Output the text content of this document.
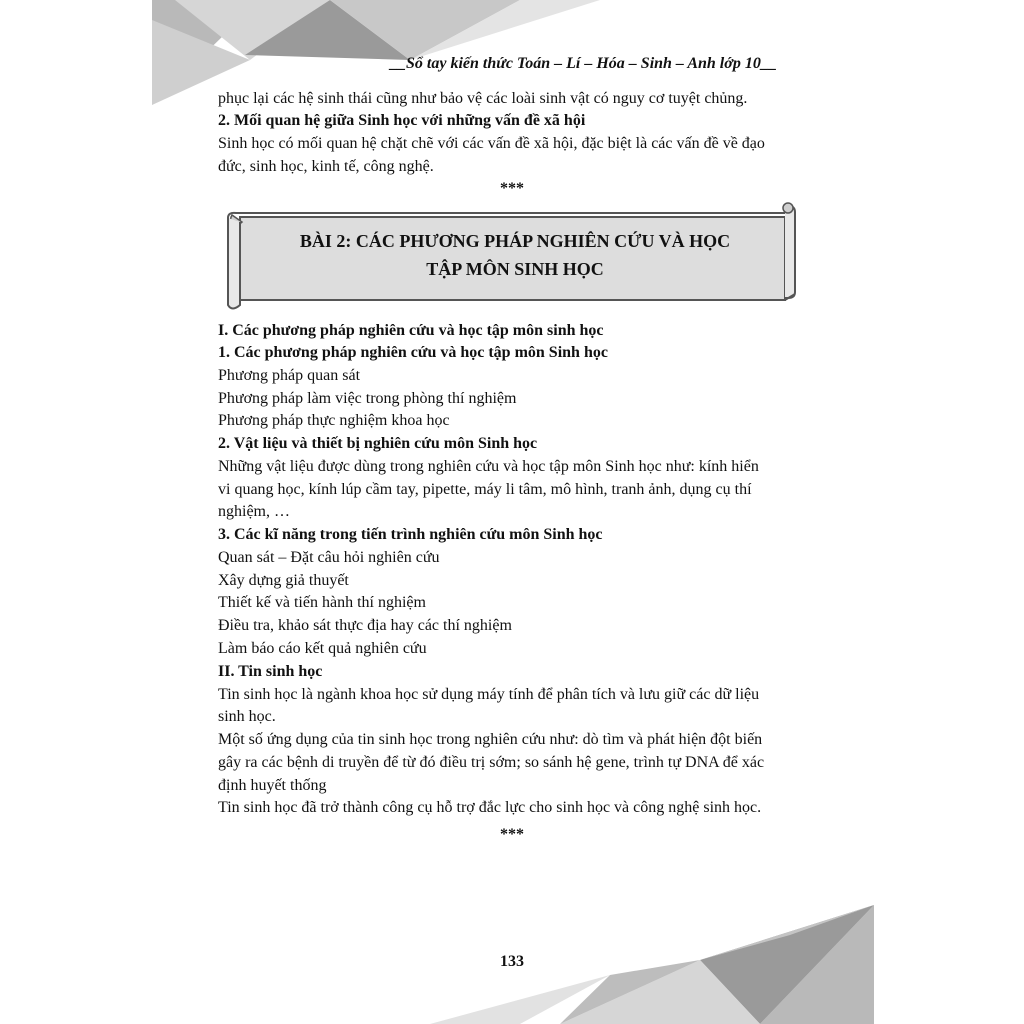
__Sổ tay kiến thức Toán – Lí – Hóa – Sinh – Anh lớp 10__
phục lại các hệ sinh thái cũng như bảo vệ các loài sinh vật có nguy cơ tuyệt chủng.
2. Mối quan hệ giữa Sinh học với những vấn đề xã hội
Sinh học có mối quan hệ chặt chẽ với các vấn đề xã hội, đặc biệt là các vấn đề về đạo
đức, sinh học, kinh tế, công nghệ.
***
BÀI 2: CÁC PHƯƠNG PHÁP NGHIÊN CỨU VÀ HỌC
TẬP MÔN SINH HỌC
I. Các phương pháp nghiên cứu và học tập môn sinh học
1. Các phương pháp nghiên cứu và học tập môn Sinh học
Phương pháp quan sát
Phương pháp làm việc trong phòng thí nghiệm
Phương pháp thực nghiệm khoa học
2. Vật liệu và thiết bị nghiên cứu môn Sinh học
Những vật liệu được dùng trong nghiên cứu và học tập môn Sinh học như: kính hiển
vi quang học, kính lúp cầm tay, pipette, máy li tâm, mô hình, tranh ảnh, dụng cụ thí
nghiệm, …
3. Các kĩ năng trong tiến trình nghiên cứu môn Sinh học
Quan sát – Đặt câu hỏi nghiên cứu
Xây dựng giả thuyết
Thiết kế và tiến hành thí nghiệm
Điều tra, khảo sát thực địa hay các thí nghiệm
Làm báo cáo kết quả nghiên cứu
II. Tin sinh học
Tin sinh học là ngành khoa học sử dụng máy tính để phân tích và lưu giữ các dữ liệu
sinh học.
Một số ứng dụng của tin sinh học trong nghiên cứu như: dò tìm và phát hiện đột biến
gây ra các bệnh di truyền để từ đó điều trị sớm; so sánh hệ gene, trình tự DNA để xác
định huyết thống
Tin sinh học đã trở thành công cụ hỗ trợ đắc lực cho sinh học và công nghệ sinh học.
***
133
